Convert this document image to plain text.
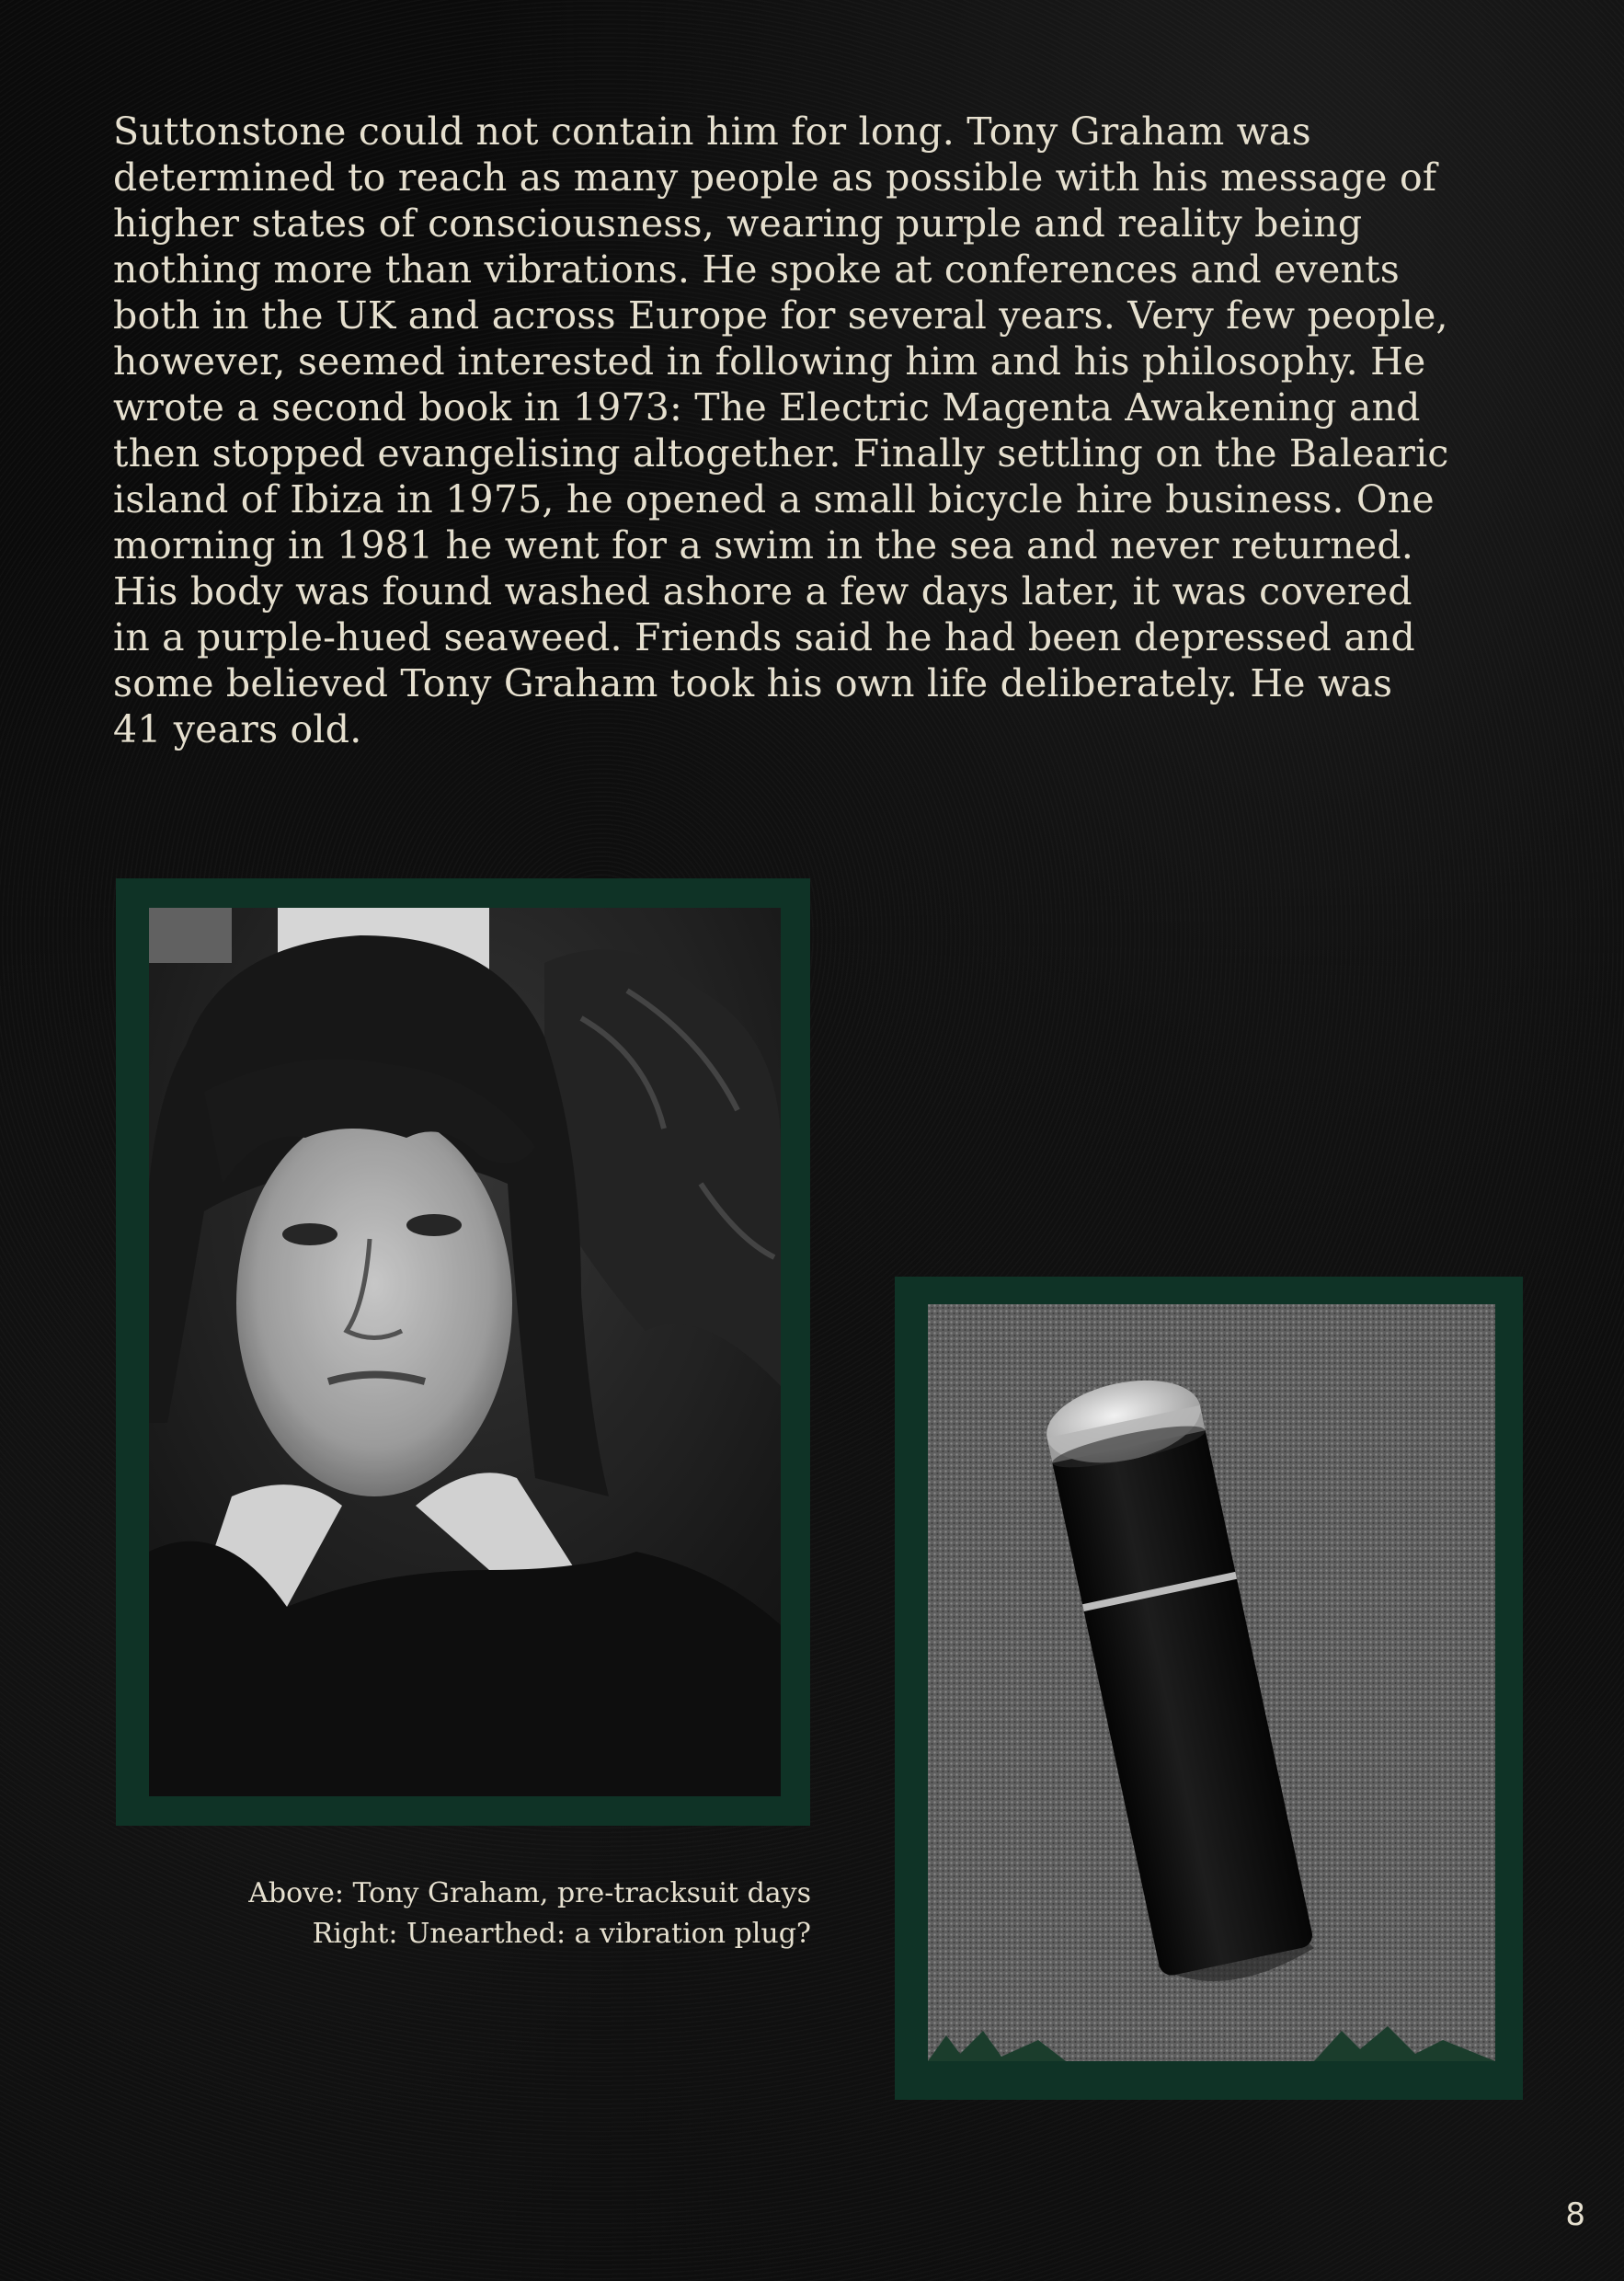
Suttonstone could not contain him for long. Tony Graham was
determined to reach as many people as possible with his message of
higher states of consciousness, wearing purple and reality being
nothing more than vibrations. He spoke at conferences and events
both in the UK and across Europe for several years. Very few people,
however, seemed interested in following him and his philosophy. He
wrote a second book in 1973: The Electric Magenta Awakening and
then stopped evangelising altogether. Finally settling on the Balearic
island of Ibiza in 1975, he opened a small bicycle hire business. One
morning in 1981 he went for a swim in the sea and never returned.
His body was found washed ashore a few days later, it was covered
in a purple-hued seaweed. Friends said he had been depressed and
some believed Tony Graham took his own life deliberately. He was
41 years old.

Above: Tony Graham, pre-tracksuit days
Right: Unearthed: a vibration plug?
8
